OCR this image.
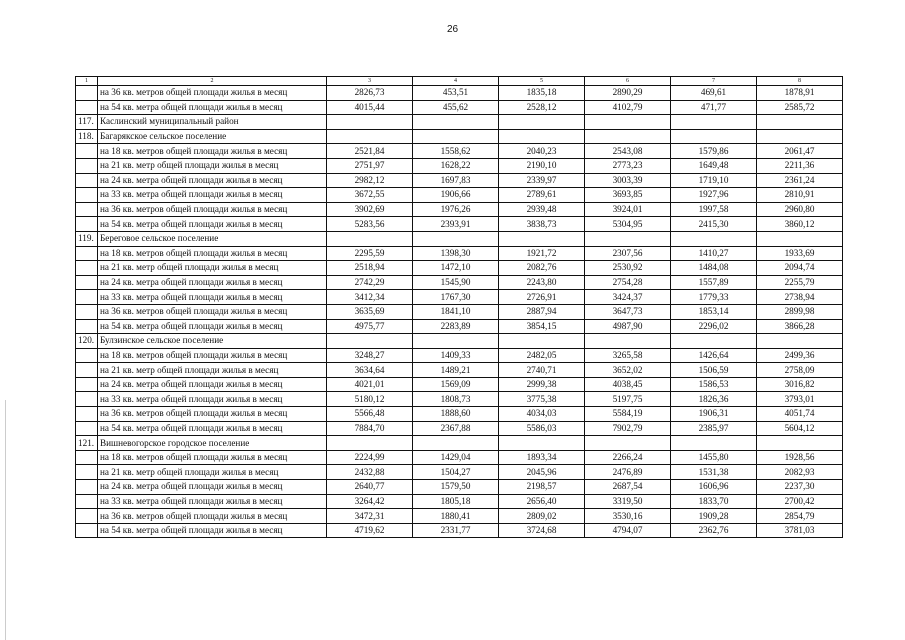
26
1	2	3	4	5	6	7	8
	на 36 кв. метров общей площади жилья в месяц	2826,73	453,51	1835,18	2890,29	469,61	1878,91
	на 54 кв. метра общей площади жилья в месяц	4015,44	455,62	2528,12	4102,79	471,77	2585,72
117.	Каслинский муниципальный район						
118.	Багарякское сельское поселение						
	на 18 кв. метров общей площади жилья в месяц	2521,84	1558,62	2040,23	2543,08	1579,86	2061,47
	на 21 кв. метр общей площади жилья в месяц	2751,97	1628,22	2190,10	2773,23	1649,48	2211,36
	на 24 кв. метра общей площади жилья в месяц	2982,12	1697,83	2339,97	3003,39	1719,10	2361,24
	на 33 кв. метра общей площади жилья в месяц	3672,55	1906,66	2789,61	3693,85	1927,96	2810,91
	на 36 кв. метров общей площади жилья в месяц	3902,69	1976,26	2939,48	3924,01	1997,58	2960,80
	на 54 кв. метра общей площади жилья в месяц	5283,56	2393,91	3838,73	5304,95	2415,30	3860,12
119.	Береговое сельское поселение						
	на 18 кв. метров общей площади жилья в месяц	2295,59	1398,30	1921,72	2307,56	1410,27	1933,69
	на 21 кв. метр общей площади жилья в месяц	2518,94	1472,10	2082,76	2530,92	1484,08	2094,74
	на 24 кв. метра общей площади жилья в месяц	2742,29	1545,90	2243,80	2754,28	1557,89	2255,79
	на 33 кв. метра общей площади жилья в месяц	3412,34	1767,30	2726,91	3424,37	1779,33	2738,94
	на 36 кв. метров общей площади жилья в месяц	3635,69	1841,10	2887,94	3647,73	1853,14	2899,98
	на 54 кв. метра общей площади жилья в месяц	4975,77	2283,89	3854,15	4987,90	2296,02	3866,28
120.	Булзинское сельское поселение						
	на 18 кв. метров общей площади жилья в месяц	3248,27	1409,33	2482,05	3265,58	1426,64	2499,36
	на 21 кв. метр общей площади жилья в месяц	3634,64	1489,21	2740,71	3652,02	1506,59	2758,09
	на 24 кв. метра общей площади жилья в месяц	4021,01	1569,09	2999,38	4038,45	1586,53	3016,82
	на 33 кв. метра общей площади жилья в месяц	5180,12	1808,73	3775,38	5197,75	1826,36	3793,01
	на 36 кв. метров общей площади жилья в месяц	5566,48	1888,60	4034,03	5584,19	1906,31	4051,74
	на 54 кв. метра общей площади жилья в месяц	7884,70	2367,88	5586,03	7902,79	2385,97	5604,12
121.	Вишневогорское городское поселение						
	на 18 кв. метров общей площади жилья в месяц	2224,99	1429,04	1893,34	2266,24	1455,80	1928,56
	на 21 кв. метр общей площади жилья в месяц	2432,88	1504,27	2045,96	2476,89	1531,38	2082,93
	на 24 кв. метра общей площади жилья в месяц	2640,77	1579,50	2198,57	2687,54	1606,96	2237,30
	на 33 кв. метра общей площади жилья в месяц	3264,42	1805,18	2656,40	3319,50	1833,70	2700,42
	на 36 кв. метров общей площади жилья в месяц	3472,31	1880,41	2809,02	3530,16	1909,28	2854,79
	на 54 кв. метра общей площади жилья в месяц	4719,62	2331,77	3724,68	4794,07	2362,76	3781,03
